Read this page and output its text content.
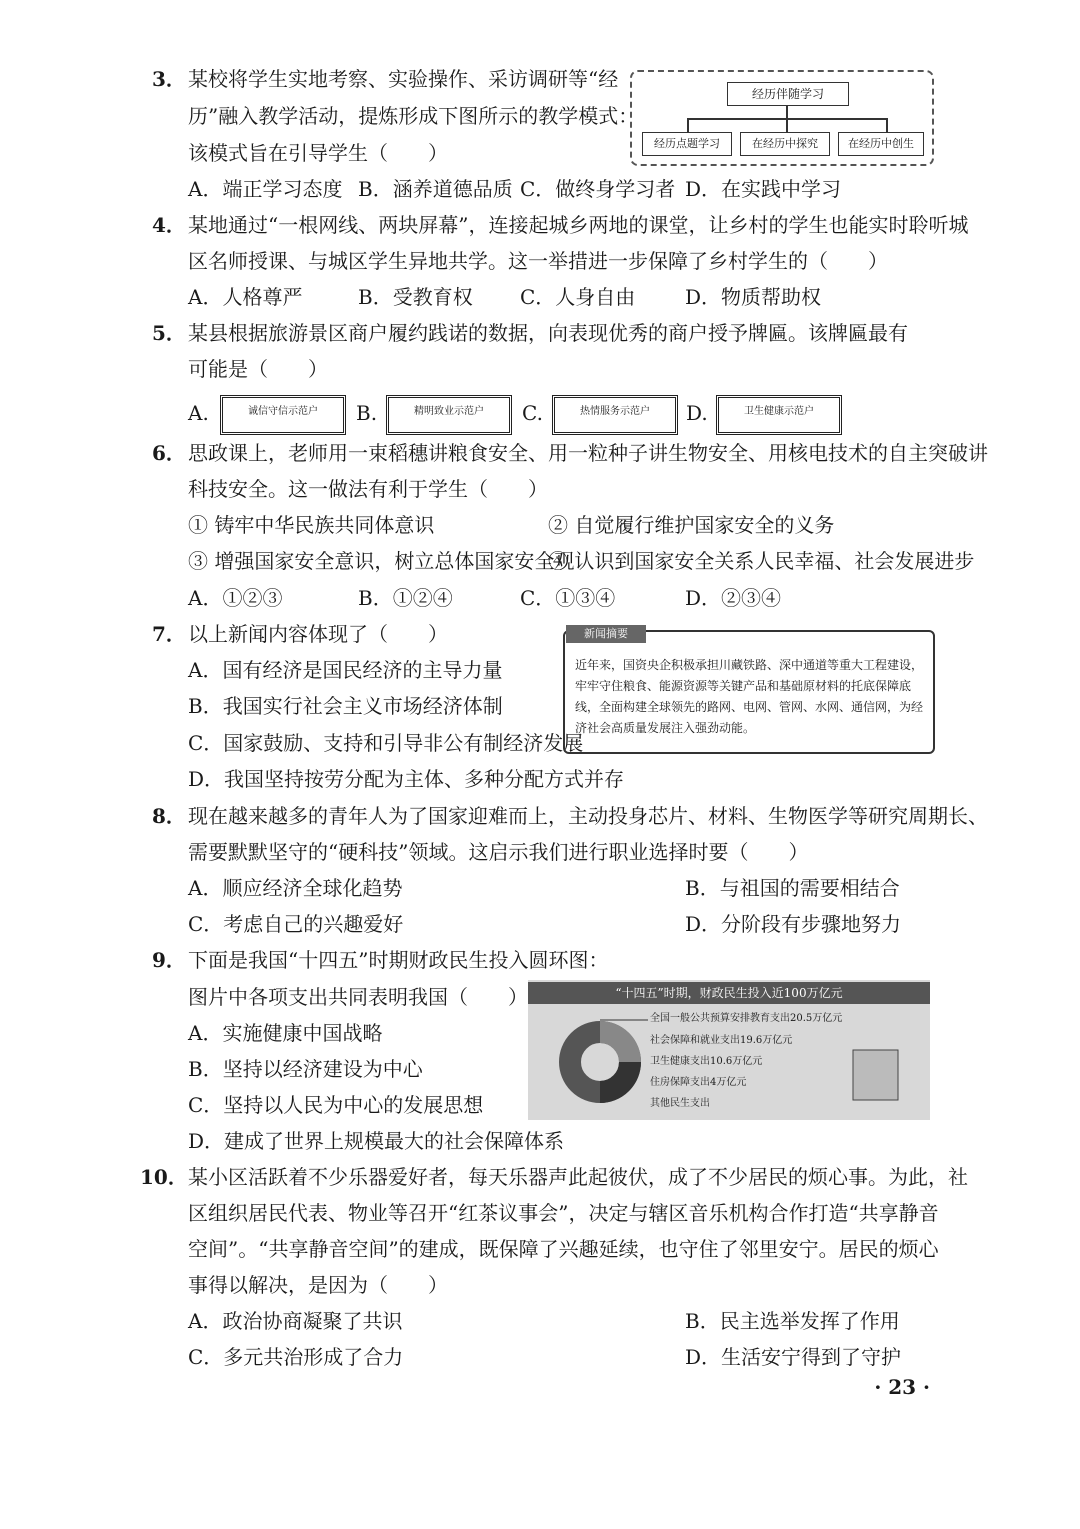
3． 某校将学生实地考察、实验操作、采访调研等“经
历”融入教学活动，提炼形成下图所示的教学模式：
该模式旨在引导学生（　　）
经历伴随学习
经历点题学习	在经历中探究	在经历中创生
A．端正学习态度 B．涵养道德品质 C．做终身学习者 D．在实践中学习
4． 某地通过“一根网线、两块屏幕”，连接起城乡两地的课堂，让乡村的学生也能实时聆听城
区名师授课、与城区学生异地共学。这一举措进一步保障了乡村学生的（　　）
A．人格尊严	B．受教育权 C．人身自由 D．物质帮助权
5． 某县根据旅游景区商户履约践诺的数据，向表现优秀的商户授予牌匾。该牌匾最有
可能是（　　）
A.	诚信守信示范户	B.	精明致业示范户	C.	热情服务示范户	D.	卫生健康示范户
6． 思政课上，老师用一束稻穗讲粮食安全、用一粒种子讲生物安全、用核电技术的自主突破讲
科技安全。这一做法有利于学生（　　）
① 铸牢中华民族共同体意识	② 自觉履行维护国家安全的义务
③ 增强国家安全意识，树立总体国家安全观
④ 认识到国家安全关系人民幸福、社会发展进步
A．①②③	B．①②④	C．①③④	D．②③④
7． 以上新闻内容体现了（　　）
A．国有经济是国民经济的主导力量
B．我国实行社会主义市场经济体制
C．国家鼓励、支持和引导非公有制经济发展
D．我国坚持按劳分配为主体、多种分配方式并存
新闻摘要
近年来，国资央企积极承担川藏铁路、深中通道等重大工程建设，牢牢守住粮食、能源资源等关键产品和基础原材料的托底保障底线，全面构建全球领先的路网、电网、管网、水网、通信网，为经济社会高质量发展注入强劲动能。
8． 现在越来越多的青年人为了国家迎难而上，主动投身芯片、材料、生物医学等研究周期长、
需要默默坚守的“硬科技”领域。这启示我们进行职业选择时要（　　）
A．顺应经济全球化趋势	B．与祖国的需要相结合
C．考虑自己的兴趣爱好	D．分阶段有步骤地努力
9． 下面是我国“十四五”时期财政民生投入圆环图：
图片中各项支出共同表明我国（　　）
A．实施健康中国战略
B．坚持以经济建设为中心
C．坚持以人民为中心的发展思想
D．建成了世界上规模最大的社会保障体系
“十四五”时期，财政民生投入近100万亿元
全国一般公共预算安排教育支出20.5万亿元
社会保障和就业支出19.6万亿元
卫生健康支出10.6万亿元
住房保障支出4万亿元
其他民生支出
10． 某小区活跃着不少乐器爱好者，每天乐器声此起彼伏，成了不少居民的烦心事。为此，社
区组织居民代表、物业等召开“红茶议事会”，决定与辖区音乐机构合作打造“共享静音
空间”。“共享静音空间”的建成，既保障了兴趣延续，也守住了邻里安宁。居民的烦心
事得以解决，是因为（　　）
A．政治协商凝聚了共识	B．民主选举发挥了作用
C．多元共治形成了合力	D．生活安宁得到了守护
· 23 ·
